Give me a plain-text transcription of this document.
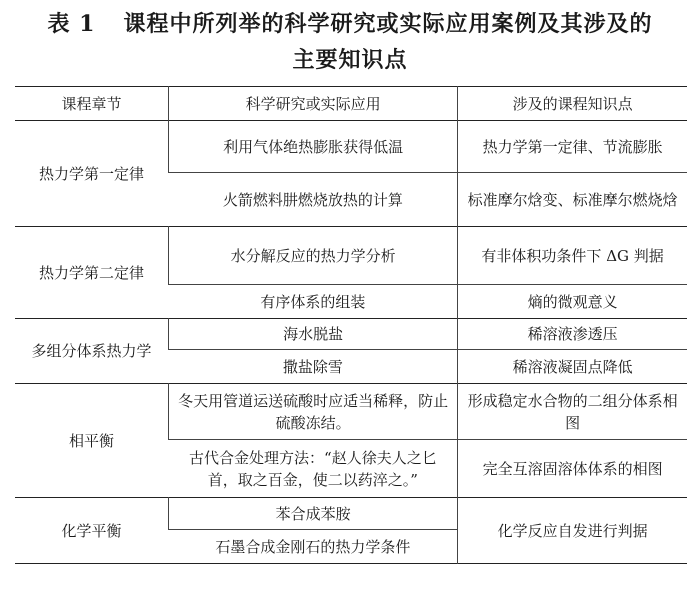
表 1 课程中所列举的科学研究或实际应用案例及其涉及的
主要知识点
课程章节	科学研究或实际应用	涉及的课程知识点
热力学第一定律	利用气体绝热膨胀获得低温	热力学第一定律、节流膨胀
	火箭燃料肼燃烧放热的计算	标准摩尔焓变、标准摩尔燃烧焓
热力学第二定律	水分解反应的热力学分析	有非体积功条件下 ΔG 判据
	有序体系的组装	熵的微观意义
多组分体系热力学	海水脱盐	稀溶液渗透压
	撒盐除雪	稀溶液凝固点降低
相平衡	冬天用管道运送硫酸时应适当稀释，防止硫酸冻结。	形成稳定水合物的二组分体系相图
	古代合金处理方法：“赵人徐夫人之匕首，取之百金，使二以药淬之。”	完全互溶固溶体体系的相图
化学平衡	苯合成苯胺	化学反应自发进行判据
	石墨合成金刚石的热力学条件	
